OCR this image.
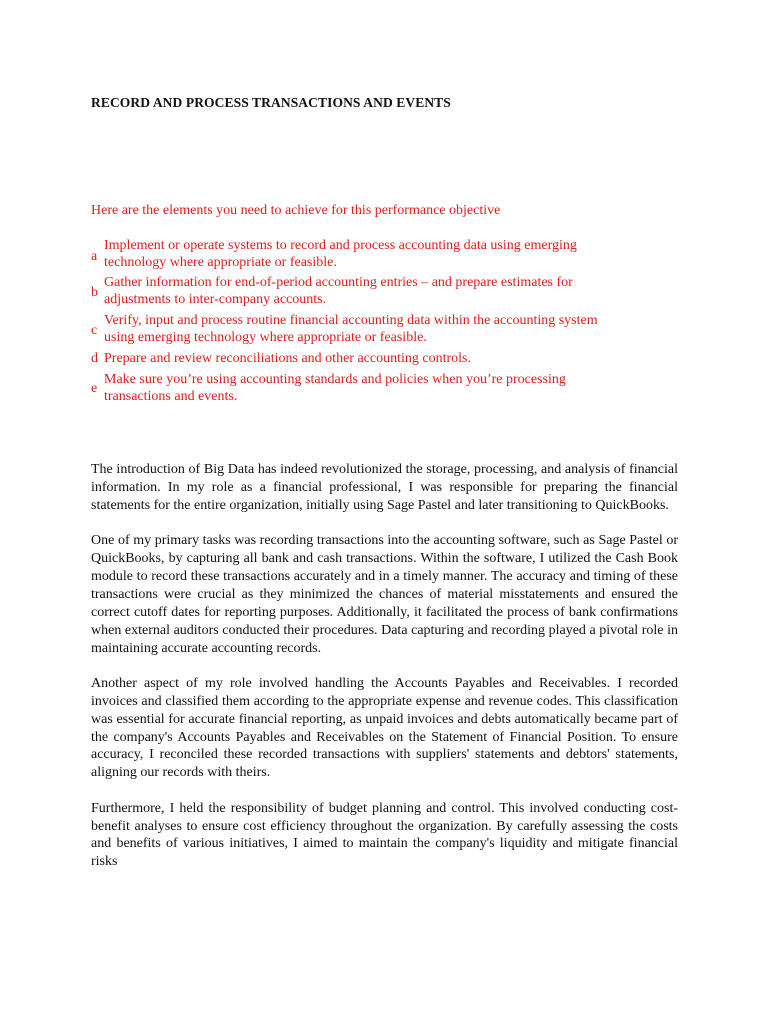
RECORD AND PROCESS TRANSACTIONS AND EVENTS
Here are the elements you need to achieve for this performance objective
a
Implement or operate systems to record and process accounting data using emerging
technology where appropriate or feasible.
b
Gather information for end-of-period accounting entries – and prepare estimates for
adjustments to inter-company accounts.
c
Verify, input and process routine financial accounting data within the accounting system
using emerging technology where appropriate or feasible.
d Prepare and review reconciliations and other accounting controls.
e
Make sure you’re using accounting standards and policies when you’re processing
transactions and events.

The introduction of Big Data has indeed revolutionized the storage, processing, and analysis of financial information. In my role as a financial professional, I was responsible for preparing the financial statements for the entire organization, initially using Sage Pastel and later transitioning to QuickBooks.

One of my primary tasks was recording transactions into the accounting software, such as Sage Pastel or QuickBooks, by capturing all bank and cash transactions. Within the software, I utilized the Cash Book module to record these transactions accurately and in a timely manner. The accuracy and timing of these transactions were crucial as they minimized the chances of material misstatements and ensured the correct cutoff dates for reporting purposes. Additionally, it facilitated the process of bank confirmations when external auditors conducted their procedures. Data capturing and recording played a pivotal role in maintaining accurate accounting records.

Another aspect of my role involved handling the Accounts Payables and Receivables. I recorded invoices and classified them according to the appropriate expense and revenue codes. This classification was essential for accurate financial reporting, as unpaid invoices and debts automatically became part of the company's Accounts Payables and Receivables on the Statement of Financial Position. To ensure accuracy, I reconciled these recorded transactions with suppliers' statements and debtors' statements, aligning our records with theirs.

Furthermore, I held the responsibility of budget planning and control. This involved conducting cost-benefit analyses to ensure cost efficiency throughout the organization. By carefully assessing the costs and benefits of various initiatives, I aimed to maintain the company's liquidity and mitigate financial risks
